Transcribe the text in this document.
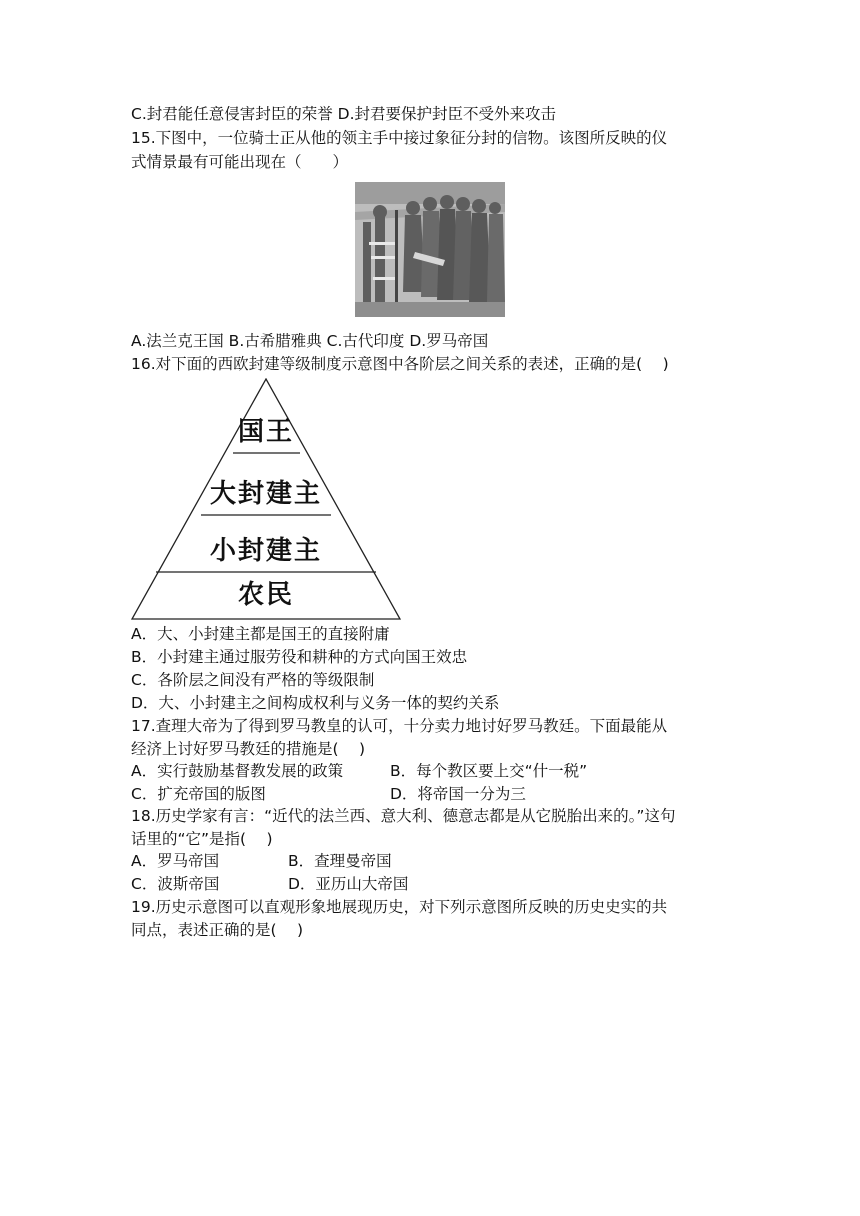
C.封君能任意侵害封臣的荣誉 D.封君要保护封臣不受外来攻击
15.下图中，一位骑士正从他的领主手中接过象征分封的信物。该图所反映的仪
式情景最有可能出现在（　　）
A.法兰克王国 B.古希腊雅典 C.古代印度 D.罗马帝国
16.对下面的西欧封建等级制度示意图中各阶层之间关系的表述，正确的是(　 )
国王
大封建主
小封建主
农民
A．大、小封建主都是国王的直接附庸
B．小封建主通过服劳役和耕种的方式向国王效忠
C．各阶层之间没有严格的等级限制
D．大、小封建主之间构成权利与义务一体的契约关系
17.查理大帝为了得到罗马教皇的认可，十分卖力地讨好罗马教廷。下面最能从
经济上讨好罗马教廷的措施是(　 )
A．实行鼓励基督教发展的政策	B．每个教区要上交“什一税”
C．扩充帝国的版图	D．将帝国一分为三
18.历史学家有言：“近代的法兰西、意大利、德意志都是从它脱胎出来的。”这句
话里的“它”是指(　 )
A．罗马帝国	B．查理曼帝国
C．波斯帝国	D．亚历山大帝国
19.历史示意图可以直观形象地展现历史，对下列示意图所反映的历史史实的共
同点，表述正确的是(　 )
